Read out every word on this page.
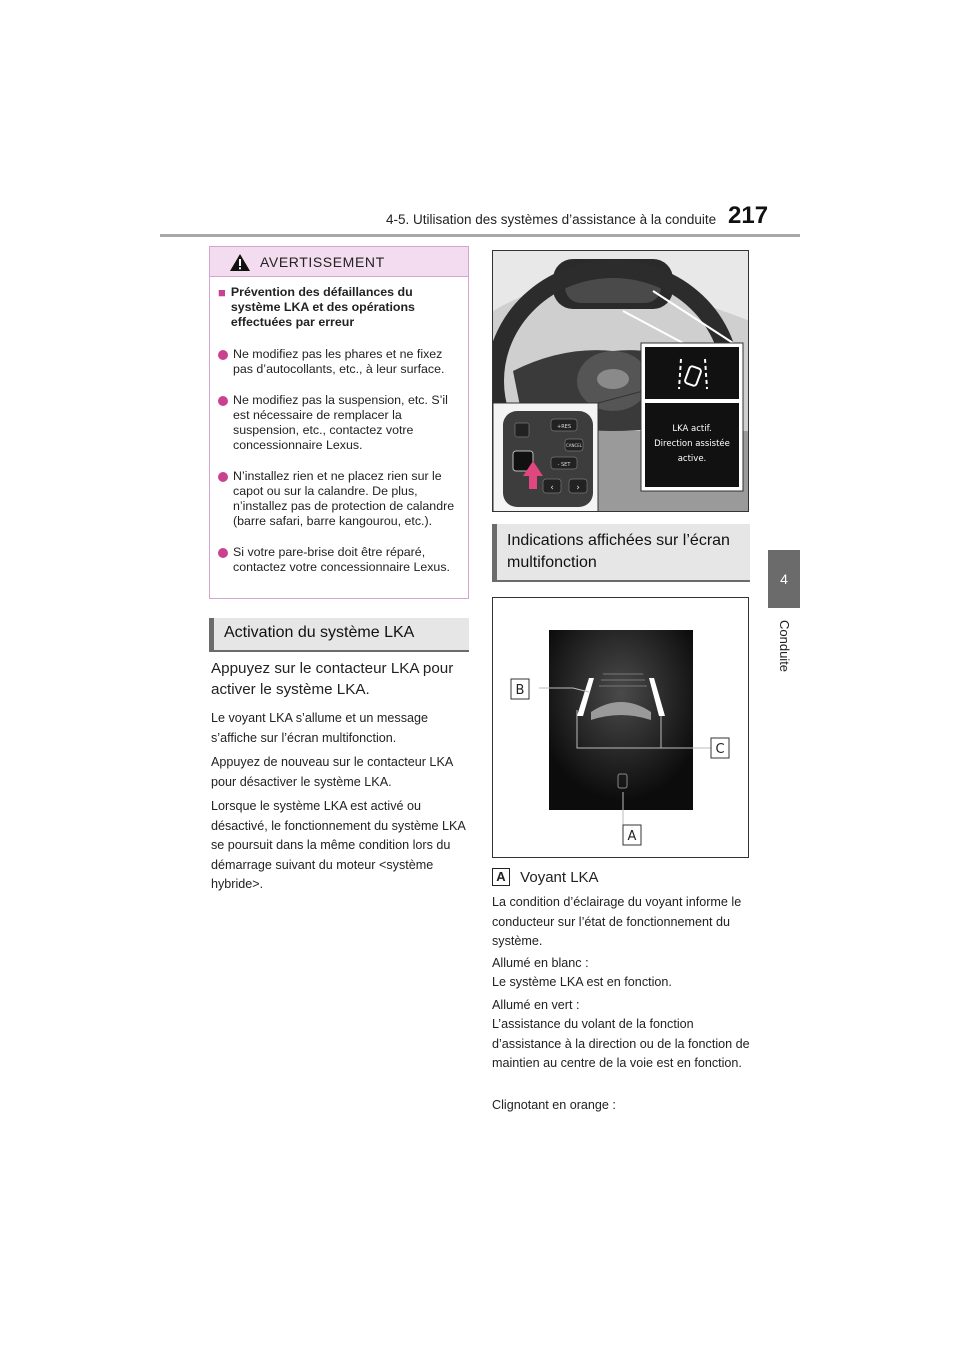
4-5. Utilisation des systèmes d’assistance à la conduite 217
4
Conduite
AVERTISSEMENT
■ Prévention des défaillances du système LKA et des opérations effectuées par erreur
Ne modifiez pas les phares et ne fixez pas d’autocollants, etc., à leur surface.
Ne modifiez pas la suspension, etc. S’il est nécessaire de remplacer la suspension, etc., contactez votre concessionnaire Lexus.
N’installez rien et ne placez rien sur le capot ou sur la calandre. De plus, n’installez pas de protection de calandre (barre safari, barre kangourou, etc.).
Si votre pare-brise doit être réparé, contactez votre concessionnaire Lexus.
Activation du système LKA
Appuyez sur le contacteur LKA pour activer le système LKA.
Le voyant LKA s’allume et un message s’affiche sur l’écran multifonction.
Appuyez de nouveau sur le contacteur LKA pour désactiver le système LKA.
Lorsque le système LKA est activé ou désactivé, le fonctionnement du système LKA se poursuit dans la même condition lors du démarrage suivant du moteur <système hybride>.
+RES
CANCEL
- SET
‹ ›
LKA actif.
Direction assistée
active.
Indications affichées sur l’écran multifonction
B
C
A
A Voyant LKA
La condition d’éclairage du voyant informe le conducteur sur l’état de fonctionnement du système.
Allumé en blanc :
Le système LKA est en fonction.
Allumé en vert :
L’assistance du volant de la fonction d’assistance à la direction ou de la fonction de maintien au centre de la voie est en fonction.
Clignotant en orange :
